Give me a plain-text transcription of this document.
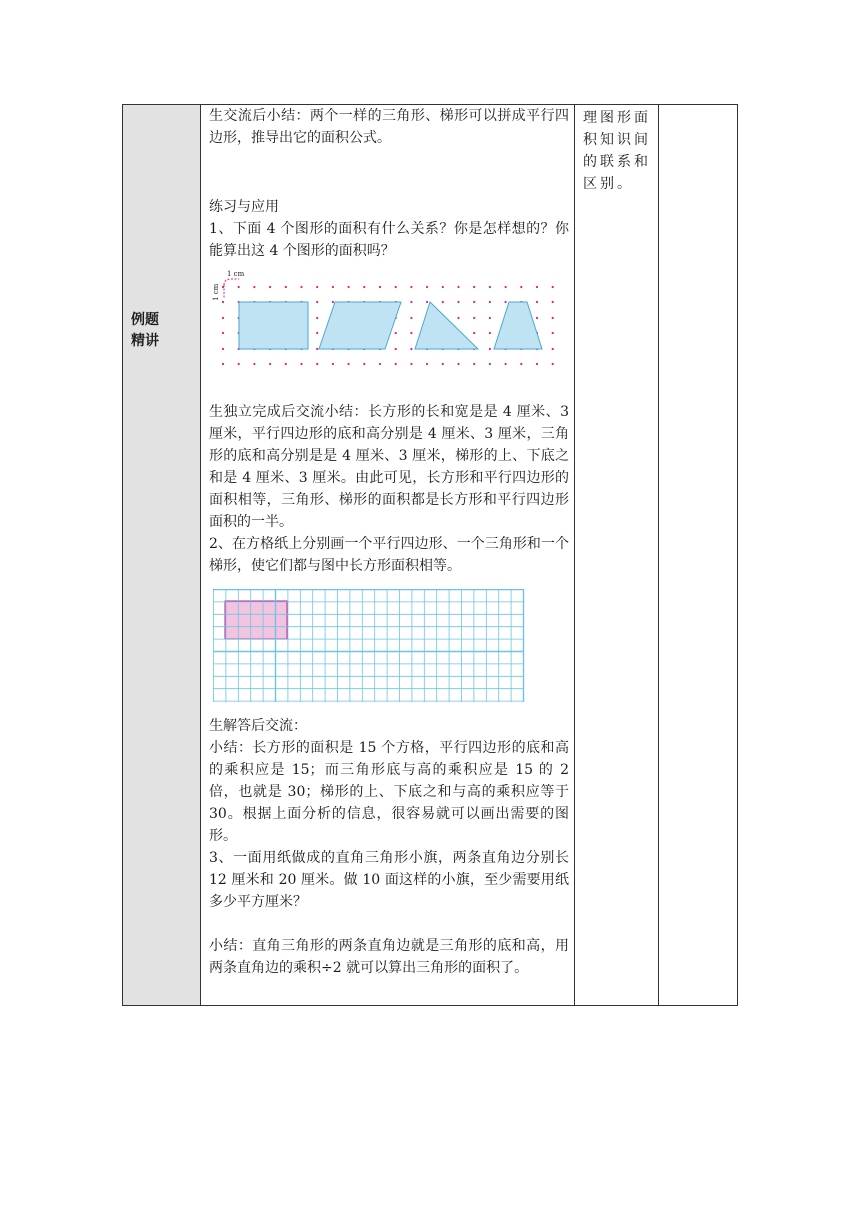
例题
精讲

生交流后小结：两个一样的三角形、梯形可以拼成平行四边形，推导出它的面积公式。

练习与应用

1、下面 4 个图形的面积有什么关系？你是怎样想的？你能算出这 4 个图形的面积吗？

1 cm
1 cm

生独立完成后交流小结：长方形的长和宽是是 4 厘米、3 厘米，平行四边形的底和高分别是 4 厘米、3 厘米，三角形的底和高分别是是 4 厘米、3 厘米，梯形的上、下底之和是 4 厘米、3 厘米。由此可见，长方形和平行四边形的面积相等，三角形、梯形的面积都是长方形和平行四边形面积的一半。

2、在方格纸上分别画一个平行四边形、一个三角形和一个梯形，使它们都与图中长方形面积相等。

生解答后交流：

小结：长方形的面积是 15 个方格，平行四边形的底和高的乘积应是 15；而三角形底与高的乘积应是 15 的 2 倍，也就是 30；梯形的上、下底之和与高的乘积应等于 30。根据上面分析的信息，很容易就可以画出需要的图形。

3、一面用纸做成的直角三角形小旗，两条直角边分别长 12 厘米和 20 厘米。做 10 面这样的小旗，至少需要用纸多少平方厘米？

小结：直角三角形的两条直角边就是三角形的底和高，用两条直角边的乘积÷2 就可以算出三角形的面积了。

理图形面积知识间的联系和区别。
